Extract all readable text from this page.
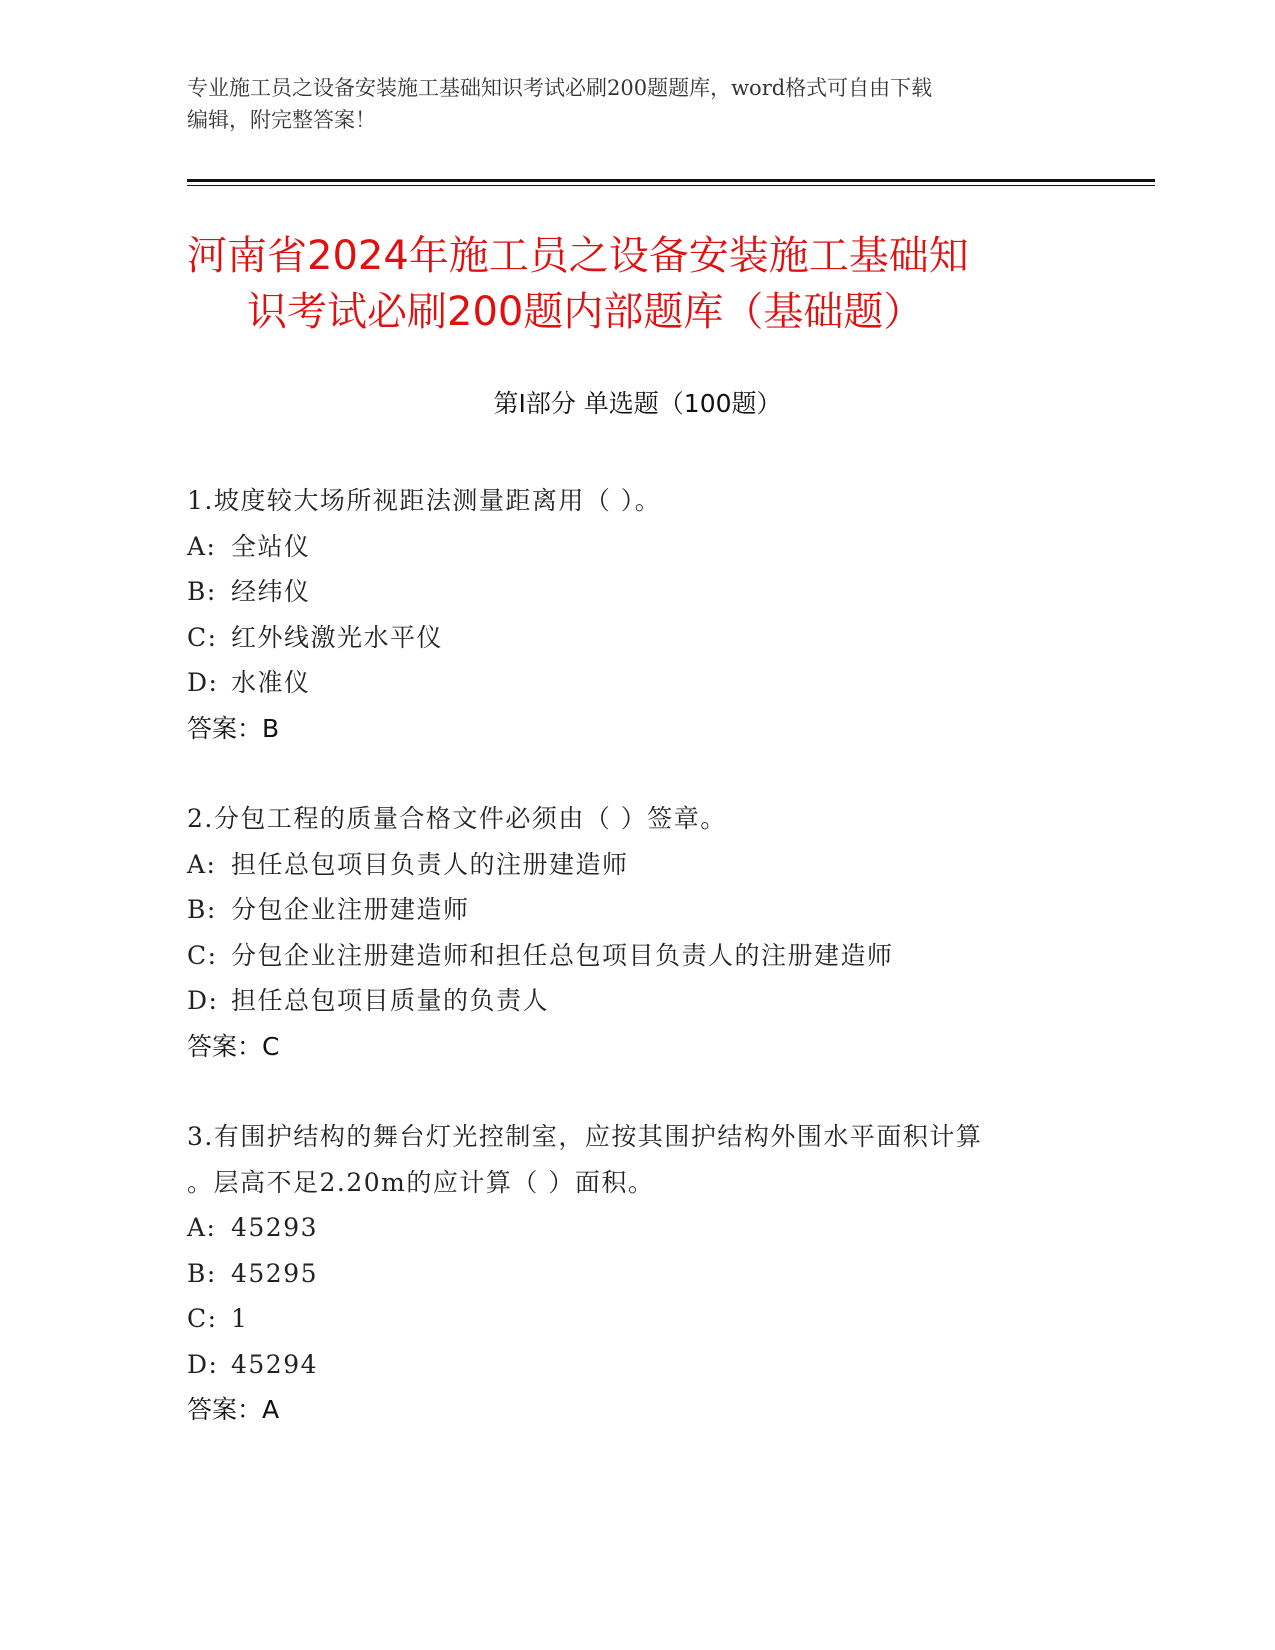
专业施工员之设备安装施工基础知识考试必刷200题题库，word格式可自由下载
编辑，附完整答案！
河南省2024年施工员之设备安装施工基础知
识考试必刷200题内部题库（基础题）
第Ⅰ部分 单选题（100题）
1.坡度较大场所视距法测量距离用（ ）。
A: 全站仪
B: 经纬仪
C: 红外线激光水平仪
D: 水准仪
答案：B
2.分包工程的质量合格文件必须由（ ）签章。
A: 担任总包项目负责人的注册建造师
B: 分包企业注册建造师
C: 分包企业注册建造师和担任总包项目负责人的注册建造师
D: 担任总包项目质量的负责人
答案：C
3.有围护结构的舞台灯光控制室，应按其围护结构外围水平面积计算
。层高不足2.20m的应计算（ ）面积。
A: 45293
B: 45295
C: 1
D: 45294
答案：A
